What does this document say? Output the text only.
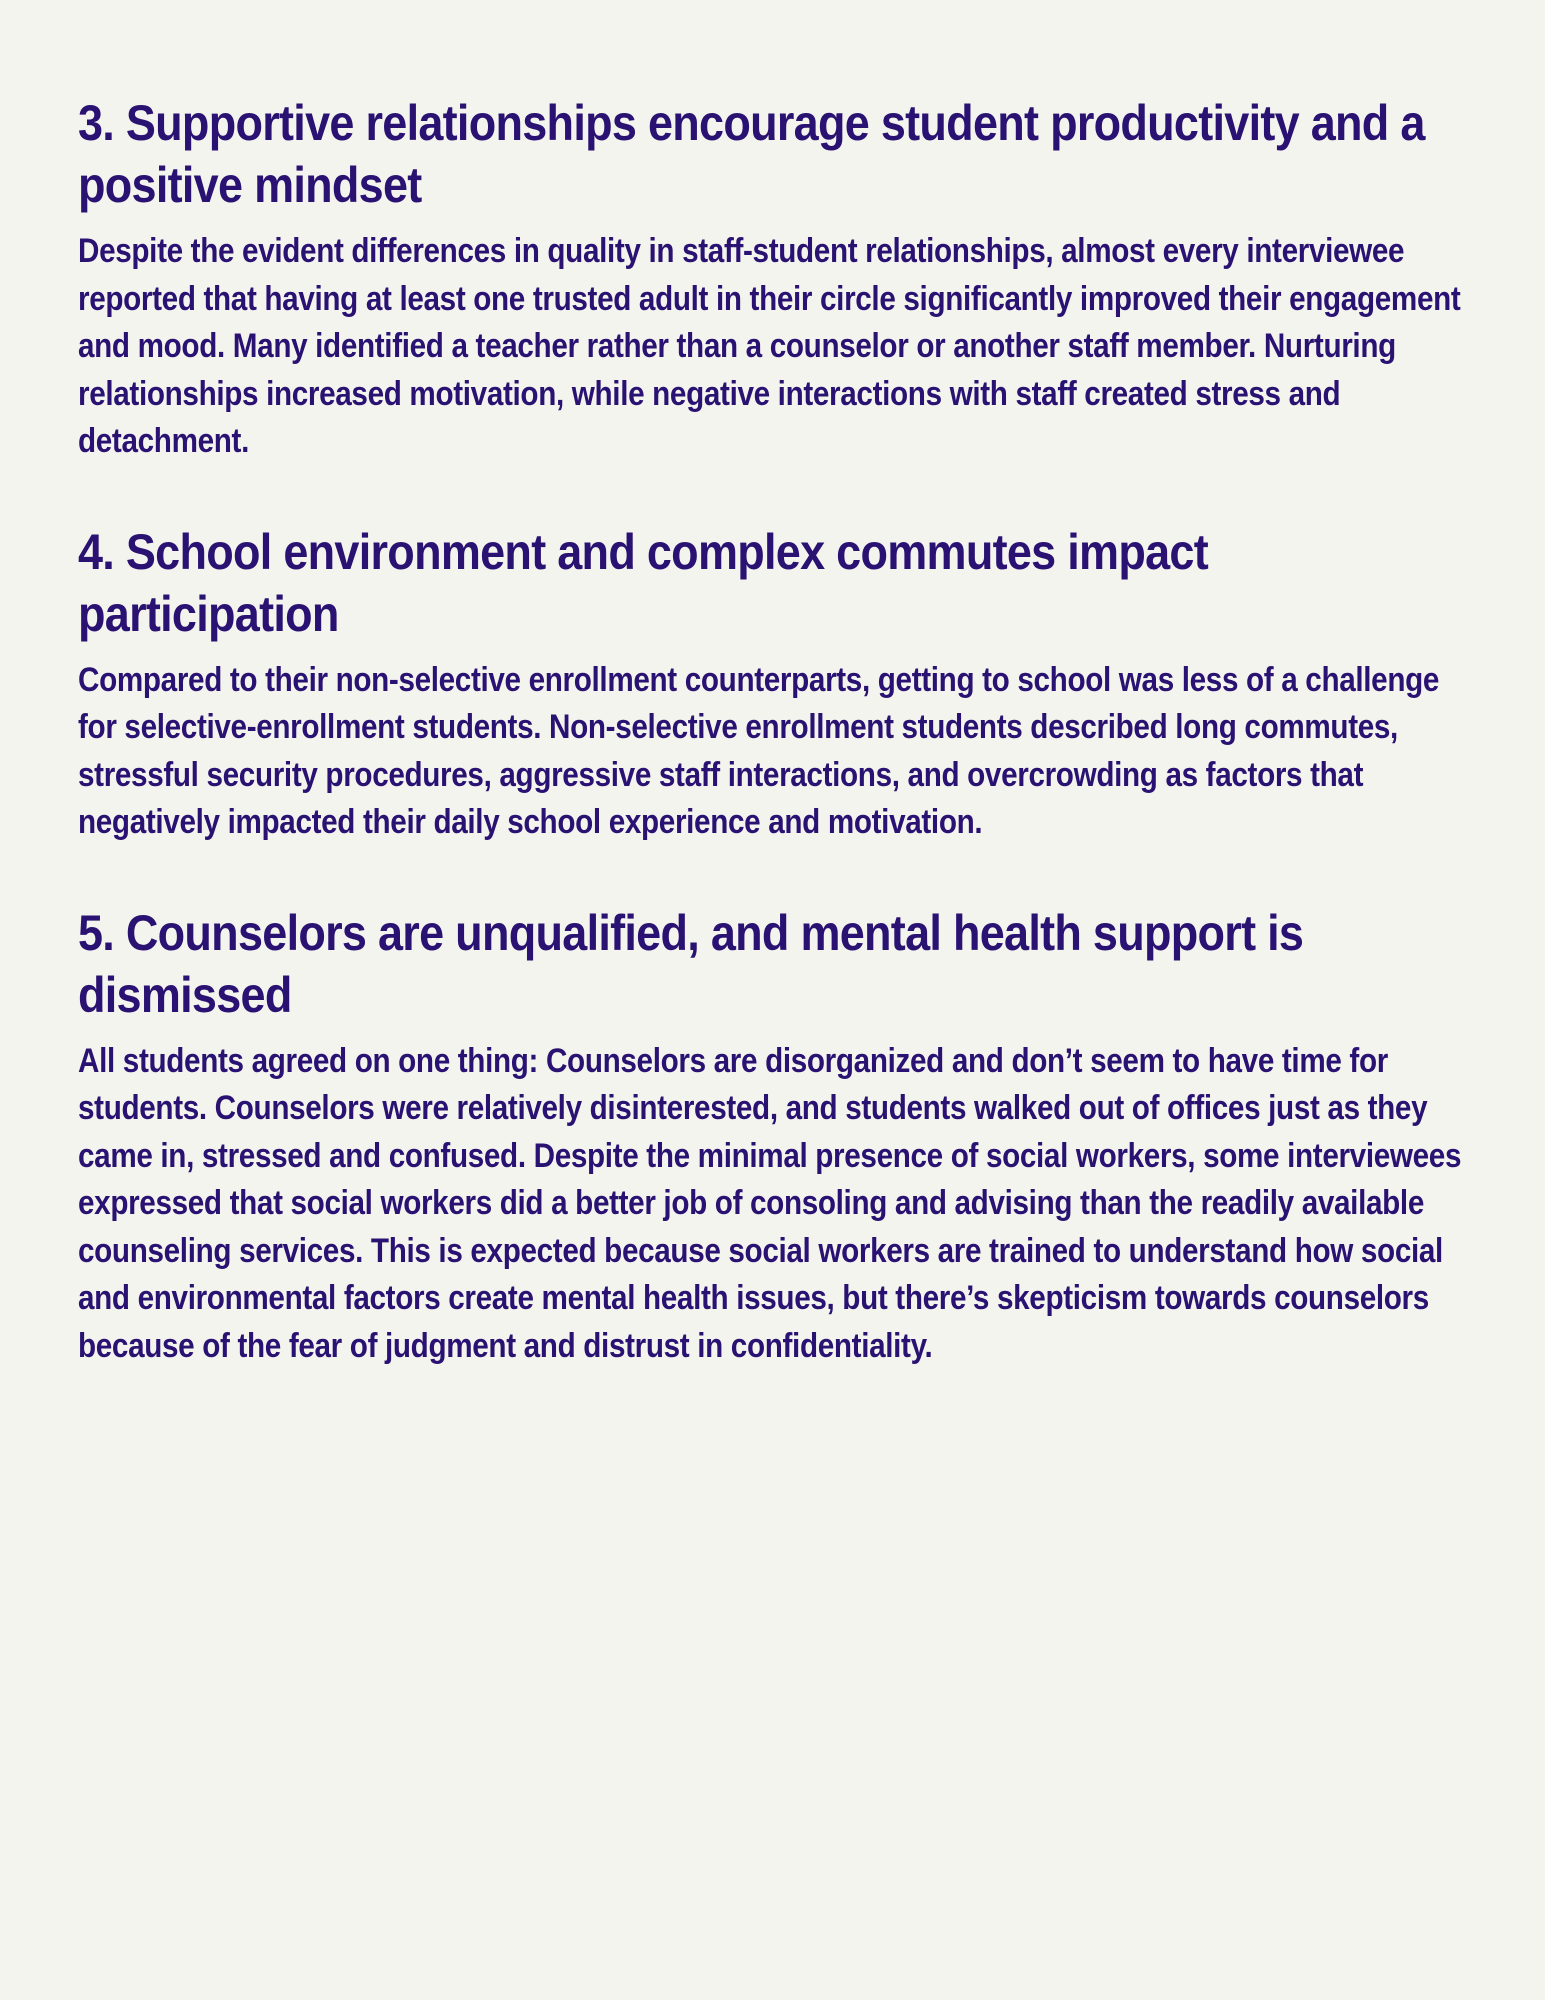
3. Supportive relationships encourage student productivity and a positive mindset

Despite the evident differences in quality in staff-student relationships, almost every interviewee reported that having at least one trusted adult in their circle significantly improved their engagement and mood. Many identified a teacher rather than a counselor or another staff member. Nurturing relationships increased motivation, while negative interactions with staff created stress and detachment.

4. School environment and complex commutes impact participation

Compared to their non-selective enrollment counterparts, getting to school was less of a challenge for selective-enrollment students. Non-selective enrollment students described long commutes, stressful security procedures, aggressive staff interactions, and overcrowding as factors that negatively impacted their daily school experience and motivation.

5. Counselors are unqualified, and mental health support is dismissed

All students agreed on one thing: Counselors are disorganized and don’t seem to have time for students. Counselors were relatively disinterested, and students walked out of offices just as they came in, stressed and confused. Despite the minimal presence of social workers, some interviewees expressed that social workers did a better job of consoling and advising than the readily available counseling services. This is expected because social workers are trained to understand how social and environmental factors create mental health issues, but there’s skepticism towards counselors because of the fear of judgment and distrust in confidentiality.
